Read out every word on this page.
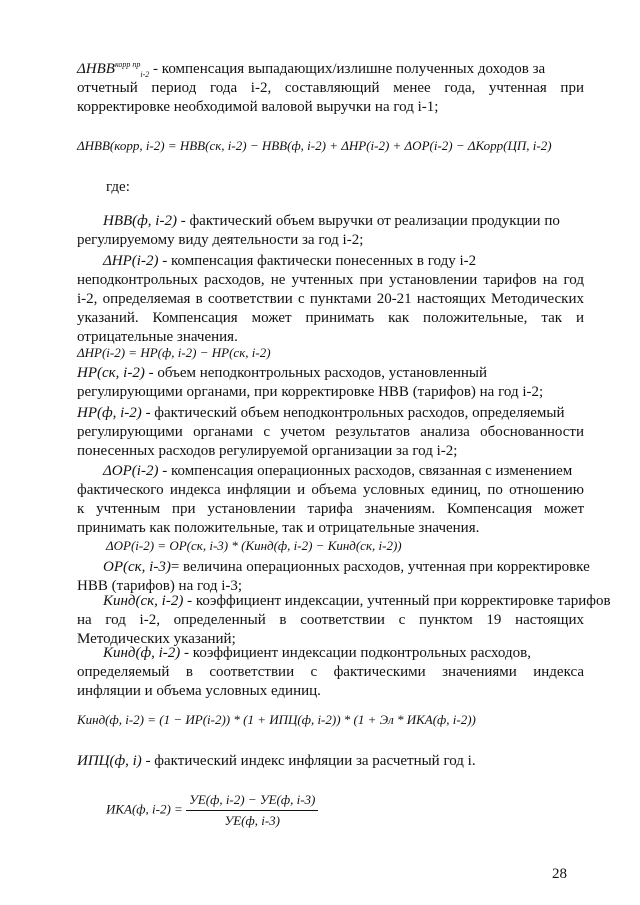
$\Delta НВВ^{корр пр}_{i-2}$ - компенсация выпадающих/излишне полученных доходов за
отчетный период года i-2, составляющий менее года, учтенная при
корректировке необходимой валовой выручки на год i-1;
ΔНВВ(корр, i-2) = НВВ(ск, i-2) − НВВ(ф, i-2) + ΔНР(i-2) + ΔОР(i-2) − ΔКорр(ЦП, i-2)
где:
НВВ(ф, i-2) - фактический объем выручки от реализации продукции по
регулируемому виду деятельности за год i-2;
ΔНР(i-2) - компенсация фактически понесенных в году i-2
неподконтрольных расходов, не учтенных при установлении тарифов на год
i-2, определяемая в соответствии с пунктами 20-21 настоящих Методических
указаний. Компенсация может принимать как положительные, так и
отрицательные значения.
ΔНР(i-2) = НР(ф, i-2) − НР(ск, i-2)
НР(ск, i-2) - объем неподконтрольных расходов, установленный
регулирующими органами, при корректировке НВВ (тарифов) на год i-2;
НР(ф, i-2) - фактический объем неподконтрольных расходов, определяемый
регулирующими органами с учетом результатов анализа обоснованности
понесенных расходов регулируемой организации за год i-2;
ΔОР(i-2) - компенсация операционных расходов, связанная с изменением
фактического индекса инфляции и объема условных единиц, по отношению
к учтенным при установлении тарифа значениям. Компенсация может
принимать как положительные, так и отрицательные значения.
ΔОР(i-2) = ОР(ск, i-3) * (Кинд(ф, i-2) − Кинд(ск, i-2))
ОР(ск, i-3)= величина операционных расходов, учтенная при корректировке
НВВ (тарифов) на год i-3;
Кинд(ск, i-2) - коэффициент индексации, учтенный при корректировке тарифов
на год i-2, определенный в соответствии с пунктом 19 настоящих
Методических указаний;
Кинд(ф, i-2) - коэффициент индексации подконтрольных расходов,
определяемый в соответствии с фактическими значениями индекса
инфляции и объема условных единиц.
Кинд(ф, i-2) = (1 − ИР(i-2)) * (1 + ИПЦ(ф, i-2)) * (1 + Эл * ИКА(ф, i-2))
ИПЦ(ф, i) - фактический индекс инфляции за расчетный год i.
ИКА(ф, $i-2) = \frac{УЕ(ф, i-2) - УЕ(ф, i-3)}{УЕ(ф, i-3)}$
28
